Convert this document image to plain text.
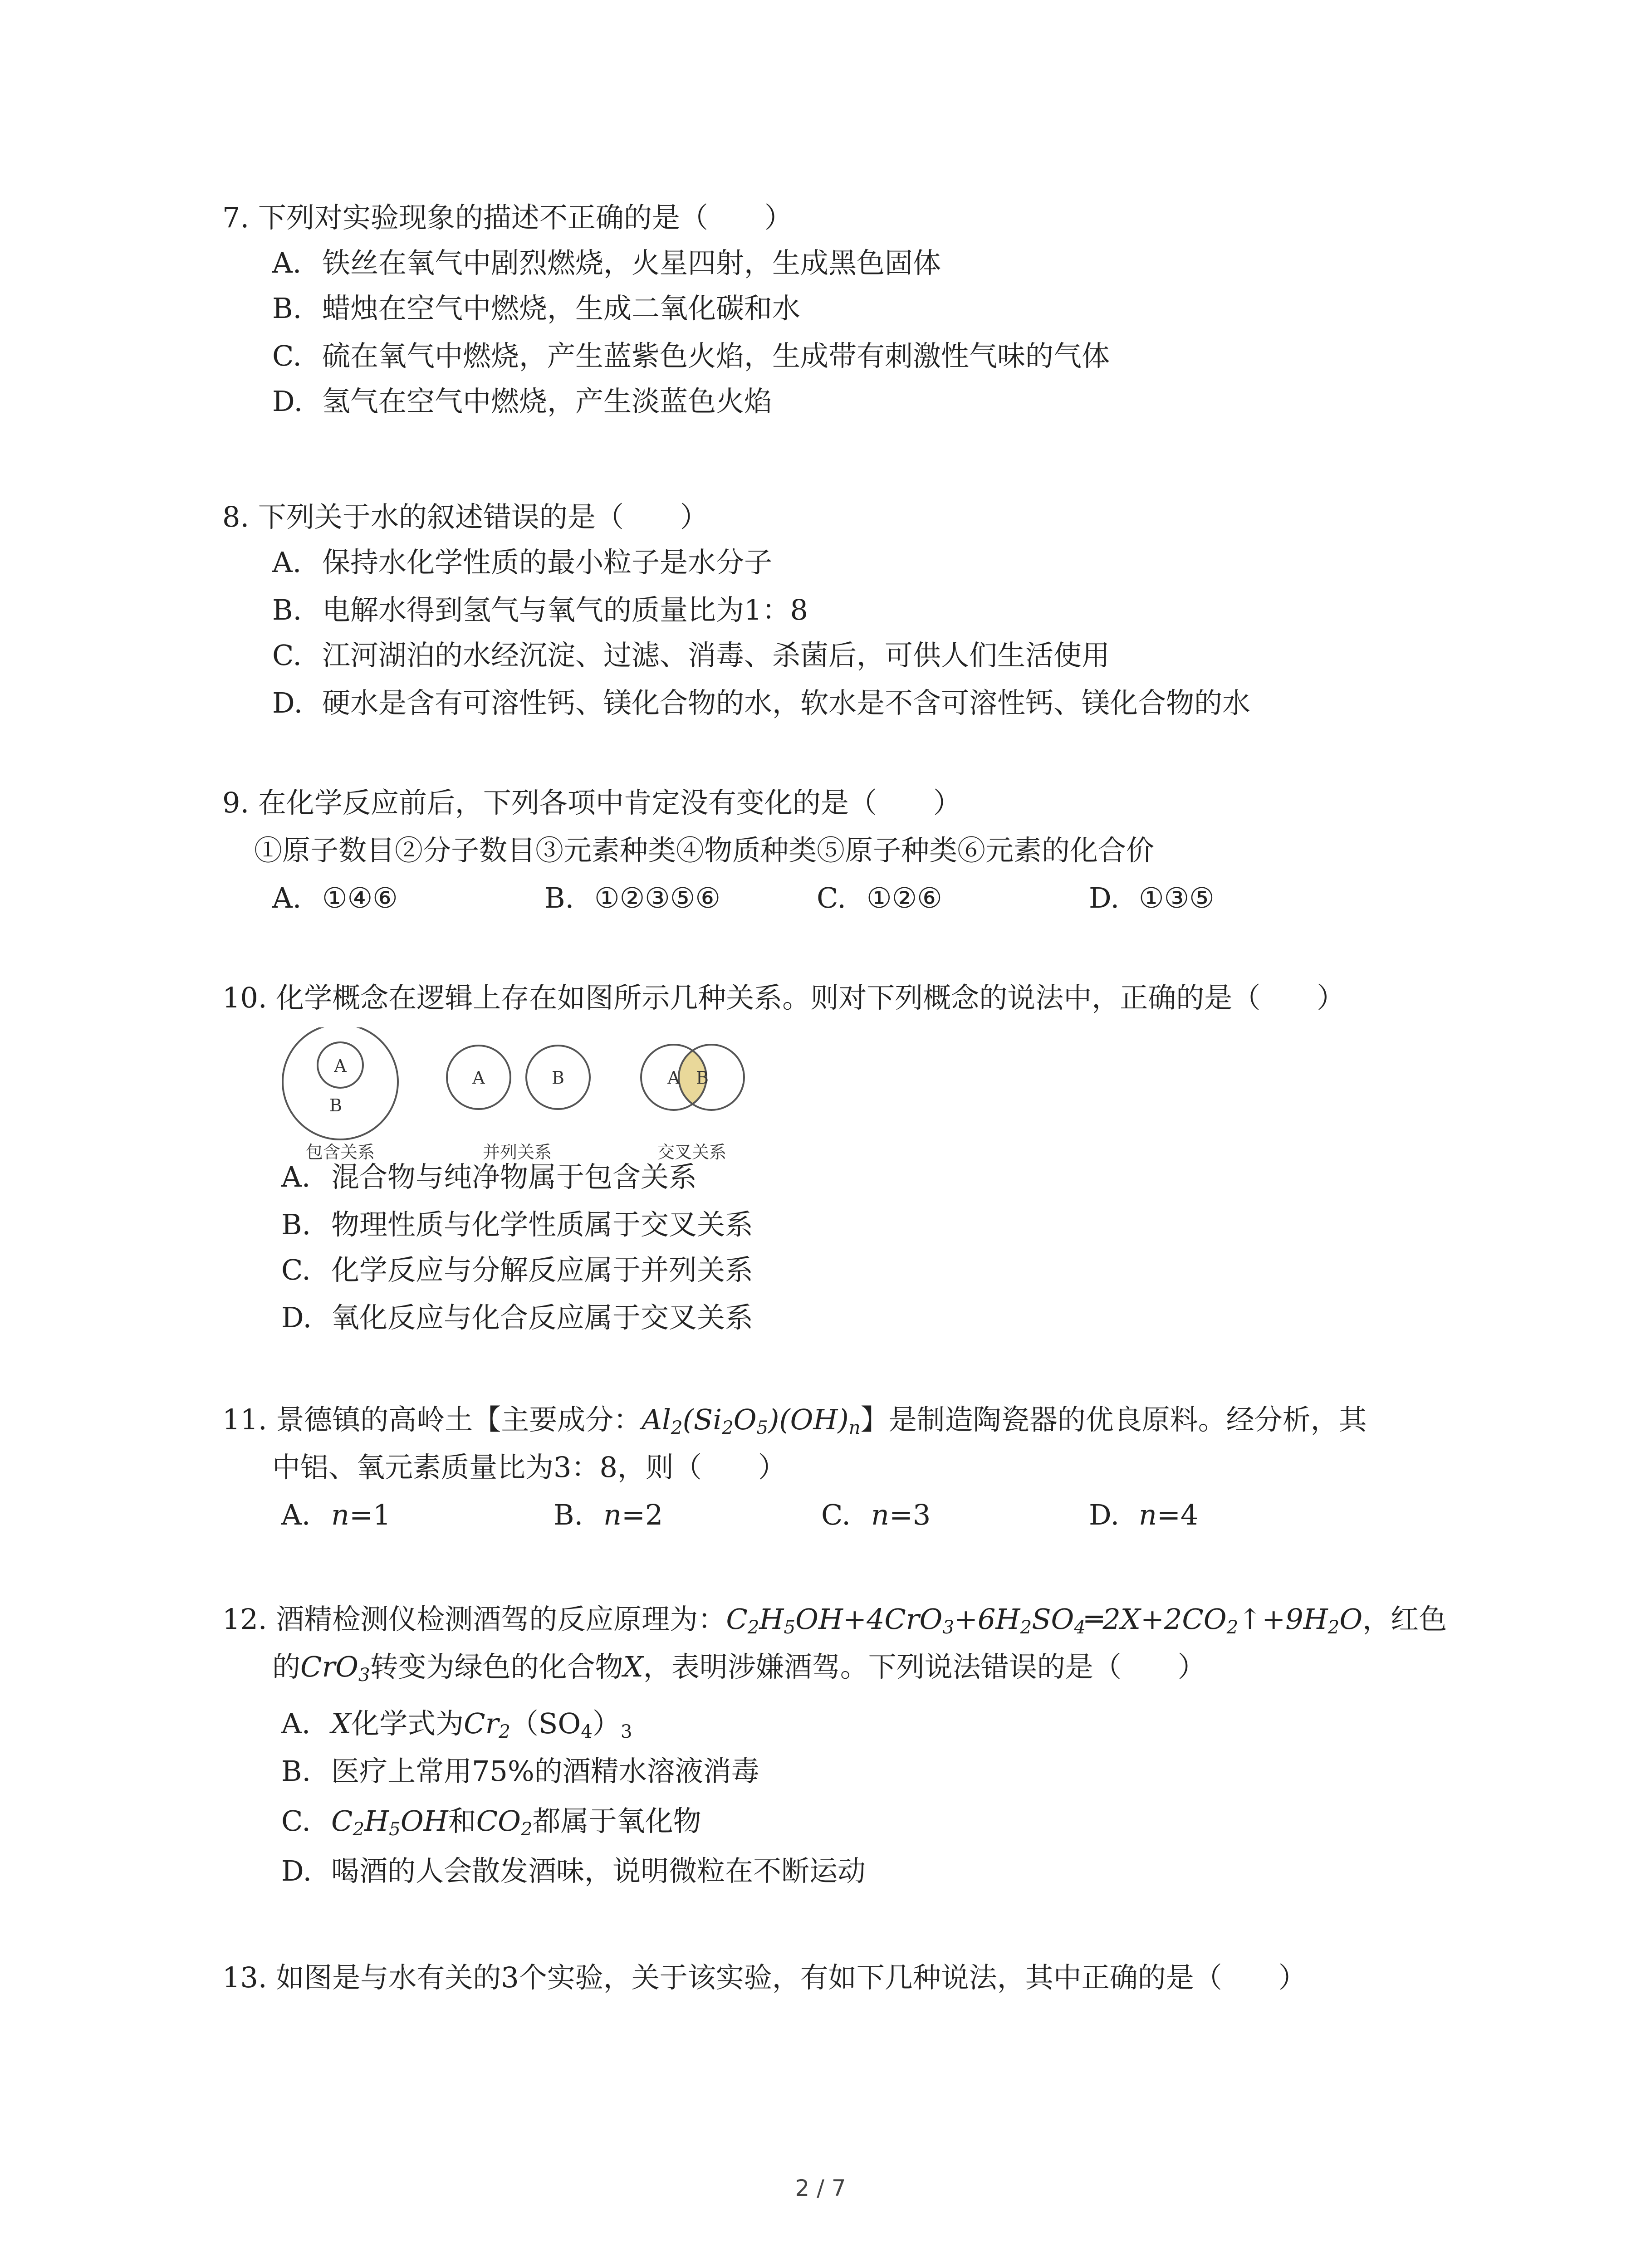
7. 下列对实验现象的描述不正确的是（　　）
A. 铁丝在氧气中剧烈燃烧，火星四射，生成黑色固体
B. 蜡烛在空气中燃烧，生成二氧化碳和水
C. 硫在氧气中燃烧，产生蓝紫色火焰，生成带有刺激性气味的气体
D. 氢气在空气中燃烧，产生淡蓝色火焰
8. 下列关于水的叙述错误的是（　　）
A. 保持水化学性质的最小粒子是水分子
B. 电解水得到氢气与氧气的质量比为1：8
C. 江河湖泊的水经沉淀、过滤、消毒、杀菌后，可供人们生活使用
D. 硬水是含有可溶性钙、镁化合物的水，软水是不含可溶性钙、镁化合物的水
9. 在化学反应前后，下列各项中肯定没有变化的是（　　）
①原子数目②分子数目③元素种类④物质种类⑤原子种类⑥元素的化合价
A. ①④⑥	B. ①②③⑤⑥	C. ①②⑥	D. ①③⑤
10. 化学概念在逻辑上存在如图所示几种关系。则对下列概念的说法中，正确的是（　　）
A
B
包含关系
A	B
并列关系
A B
交叉关系
A. 混合物与纯净物属于包含关系
B. 物理性质与化学性质属于交叉关系
C. 化学反应与分解反应属于并列关系
D. 氧化反应与化合反应属于交叉关系
11. 景德镇的高岭土【主要成分：$Al_2(Si_2O_5)(OH)_n$】是制造陶瓷器的优良原料。经分析，其
中铝、氧元素质量比为3：8，则（　　）
A. n=1	B. n=2	C. n=3	D. n=4
12. 酒精检测仪检测酒驾的反应原理为：$C_2H_5OH+4CrO_3+6H_2SO_4═2X+2CO_2↑+9H_2O$，红色
的CrO$_3$转变为绿色的化合物X，表明涉嫌酒驾。下列说法错误的是（　　）
A. X化学式为$Cr_2(SO_4)_3$
B. 医疗上常用75%的酒精水溶液消毒
C. $C_2H_5OH$和$CO_2$都属于氧化物
D. 喝酒的人会散发酒味，说明微粒在不断运动
13. 如图是与水有关的3个实验，关于该实验，有如下几种说法，其中正确的是（　　）
2 / 7
